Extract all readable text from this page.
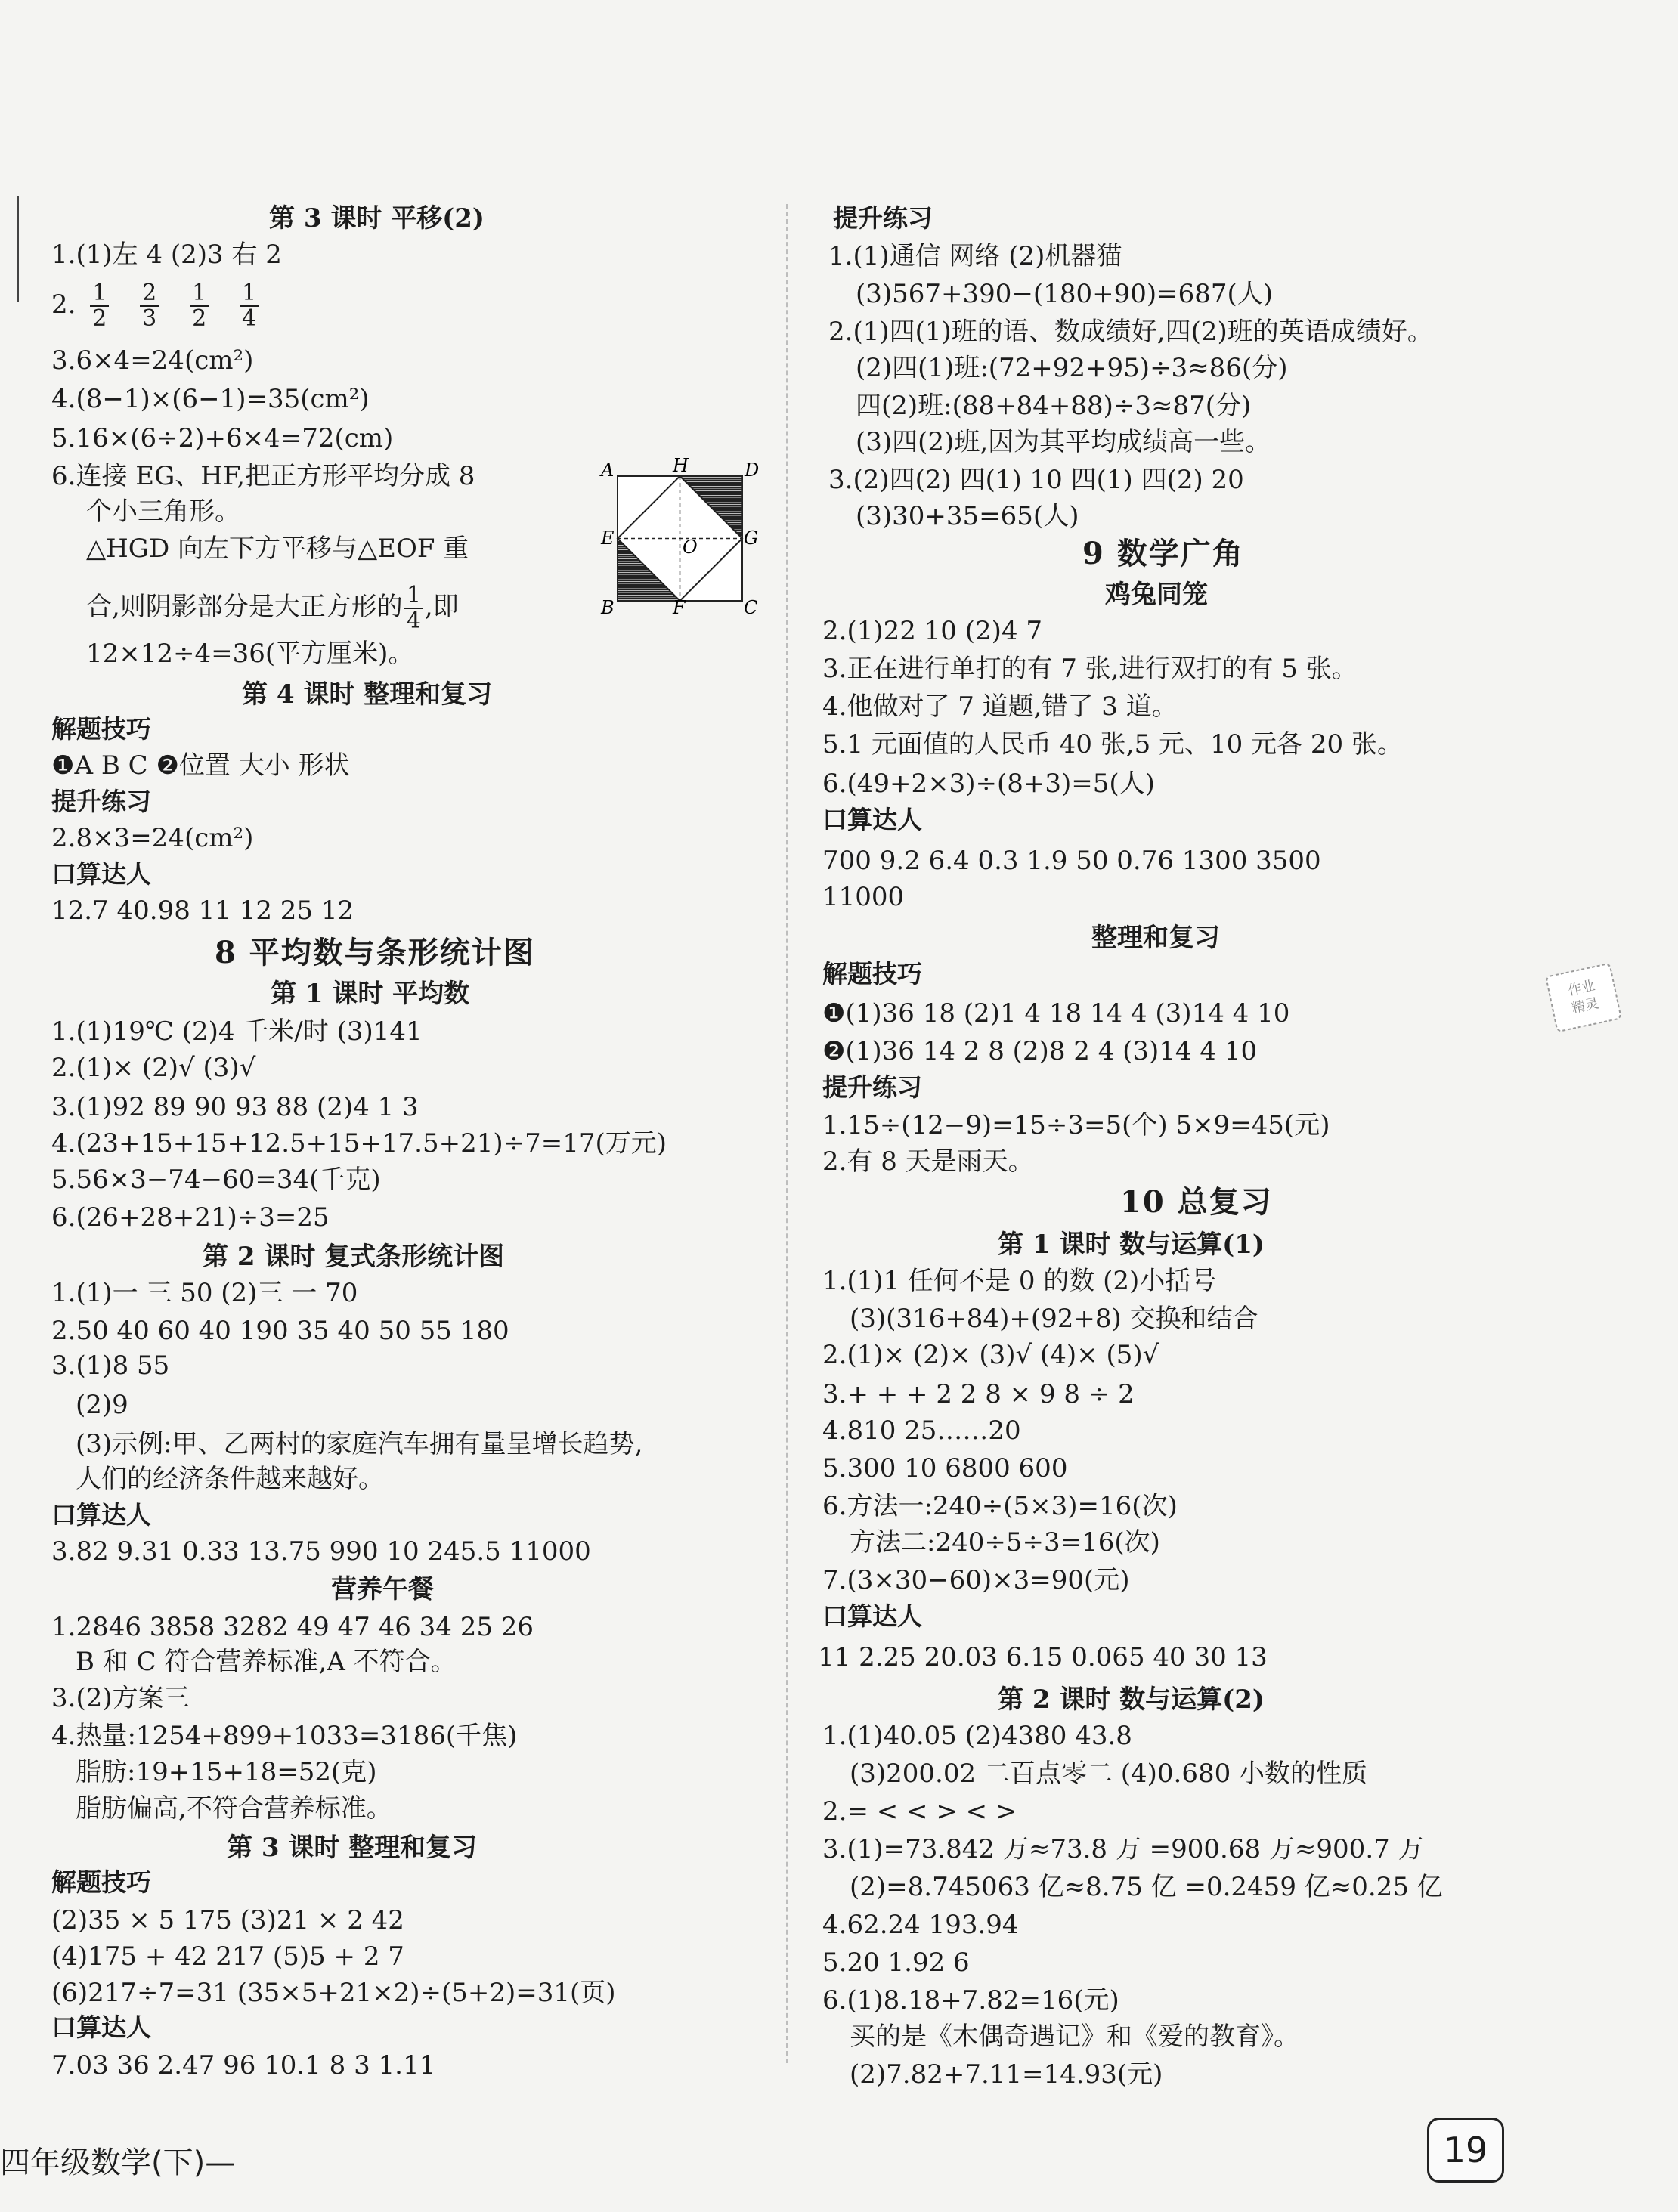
第 3 课时 平移(2)
1.(1)左 4 (2)3 右 2
2. $\frac{1}{2}$
$\frac{2}{3}$
$\frac{1}{2}$
$\frac{1}{4}$
3.6×4=24(cm²)
4.(8−1)×(6−1)=35(cm²)
5.16×(6÷2)+6×4=72(cm)
6.连接 EG、HF,把正方形平均分成 8
个小三角形。
△HGD 向左下方平移与△EOF 重
合,则阴影部分是大正方形的 $\frac{1}{4}$ ,即
12×12÷4=36(平方厘米)。
第 4 课时 整理和复习
解题技巧
❶A B C ❷位置 大小 形状
提升练习
2.8×3=24(cm²)
口算达人
12.7 40.98 11 12 25 12
8 平均数与条形统计图
第 1 课时 平均数
1.(1)19℃ (2)4 千米/时 (3)141
2.(1)× (2)√ (3)√
3.(1)92 89 90 93 88 (2)4 1 3
4.(23+15+15+12.5+15+17.5+21)÷7=17(万元)
5.56×3−74−60=34(千克)
6.(26+28+21)÷3=25
第 2 课时 复式条形统计图
1.(1)一 三 50 (2)三 一 70
2.50 40 60 40 190 35 40 50 55 180
3.(1)8 55
(2)9
(3)示例:甲、乙两村的家庭汽车拥有量呈增长趋势,
人们的经济条件越来越好。
口算达人
3.82 9.31 0.33 13.75 990 10 245.5 11000
营养午餐
1.2846 3858 3282 49 47 46 34 25 26
B 和 C 符合营养标准,A 不符合。
3.(2)方案三
4.热量:1254+899+1033=3186(千焦)
脂肪:19+15+18=52(克)
脂肪偏高,不符合营养标准。
第 3 课时 整理和复习
解题技巧
(2)35 × 5 175 (3)21 × 2 42
(4)175 + 42 217 (5)5 + 2 7
(6)217÷7=31 (35×5+21×2)÷(5+2)=31(页)
口算达人
7.03 36 2.47 96 10.1 8 3 1.11
A	H	D
E	O	G
B	F	C
提升练习
1.(1)通信 网络 (2)机器猫
(3)567+390−(180+90)=687(人)
2.(1)四(1)班的语、数成绩好,四(2)班的英语成绩好。
(2)四(1)班:(72+92+95)÷3≈86(分)
四(2)班:(88+84+88)÷3≈87(分)
(3)四(2)班,因为其平均成绩高一些。
3.(2)四(2) 四(1) 10 四(1) 四(2) 20
(3)30+35=65(人)
9 数学广角
鸡兔同笼
2.(1)22 10 (2)4 7
3.正在进行单打的有 7 张,进行双打的有 5 张。
4.他做对了 7 道题,错了 3 道。
5.1 元面值的人民币 40 张,5 元、10 元各 20 张。
6.(49+2×3)÷(8+3)=5(人)
口算达人
700 9.2 6.4 0.3 1.9 50 0.76 1300 3500
11000
整理和复习
解题技巧
❶(1)36 18 (2)1 4 18 14 4 (3)14 4 10
❷(1)36 14 2 8 (2)8 2 4 (3)14 4 10
提升练习
1.15÷(12−9)=15÷3=5(个) 5×9=45(元)
2.有 8 天是雨天。
10 总复习
第 1 课时 数与运算(1)
1.(1)1 任何不是 0 的数 (2)小括号
(3)(316+84)+(92+8) 交换和结合
2.(1)× (2)× (3)√ (4)× (5)√
3.+ + + 2 2 8 × 9 8 ÷ 2
4.810 25……20
5.300 10 6800 600
6.方法一:240÷(5×3)=16(次)
方法二:240÷5÷3=16(次)
7.(3×30−60)×3=90(元)
口算达人
11 2.25 20.03 6.15 0.065 40 30 13
第 2 课时 数与运算(2)
1.(1)40.05 (2)4380 43.8
(3)200.02 二百点零二 (4)0.680 小数的性质
2.= < < > < >
3.(1)=73.842 万≈73.8 万 =900.68 万≈900.7 万
(2)=8.745063 亿≈8.75 亿 =0.2459 亿≈0.25 亿
4.62.24 193.94
5.20 1.92 6
6.(1)8.18+7.82=16(元)
买的是《木偶奇遇记》和《爱的教育》。
(2)7.82+7.11=14.93(元)
作业
精灵
四年级数学(下)—	19
